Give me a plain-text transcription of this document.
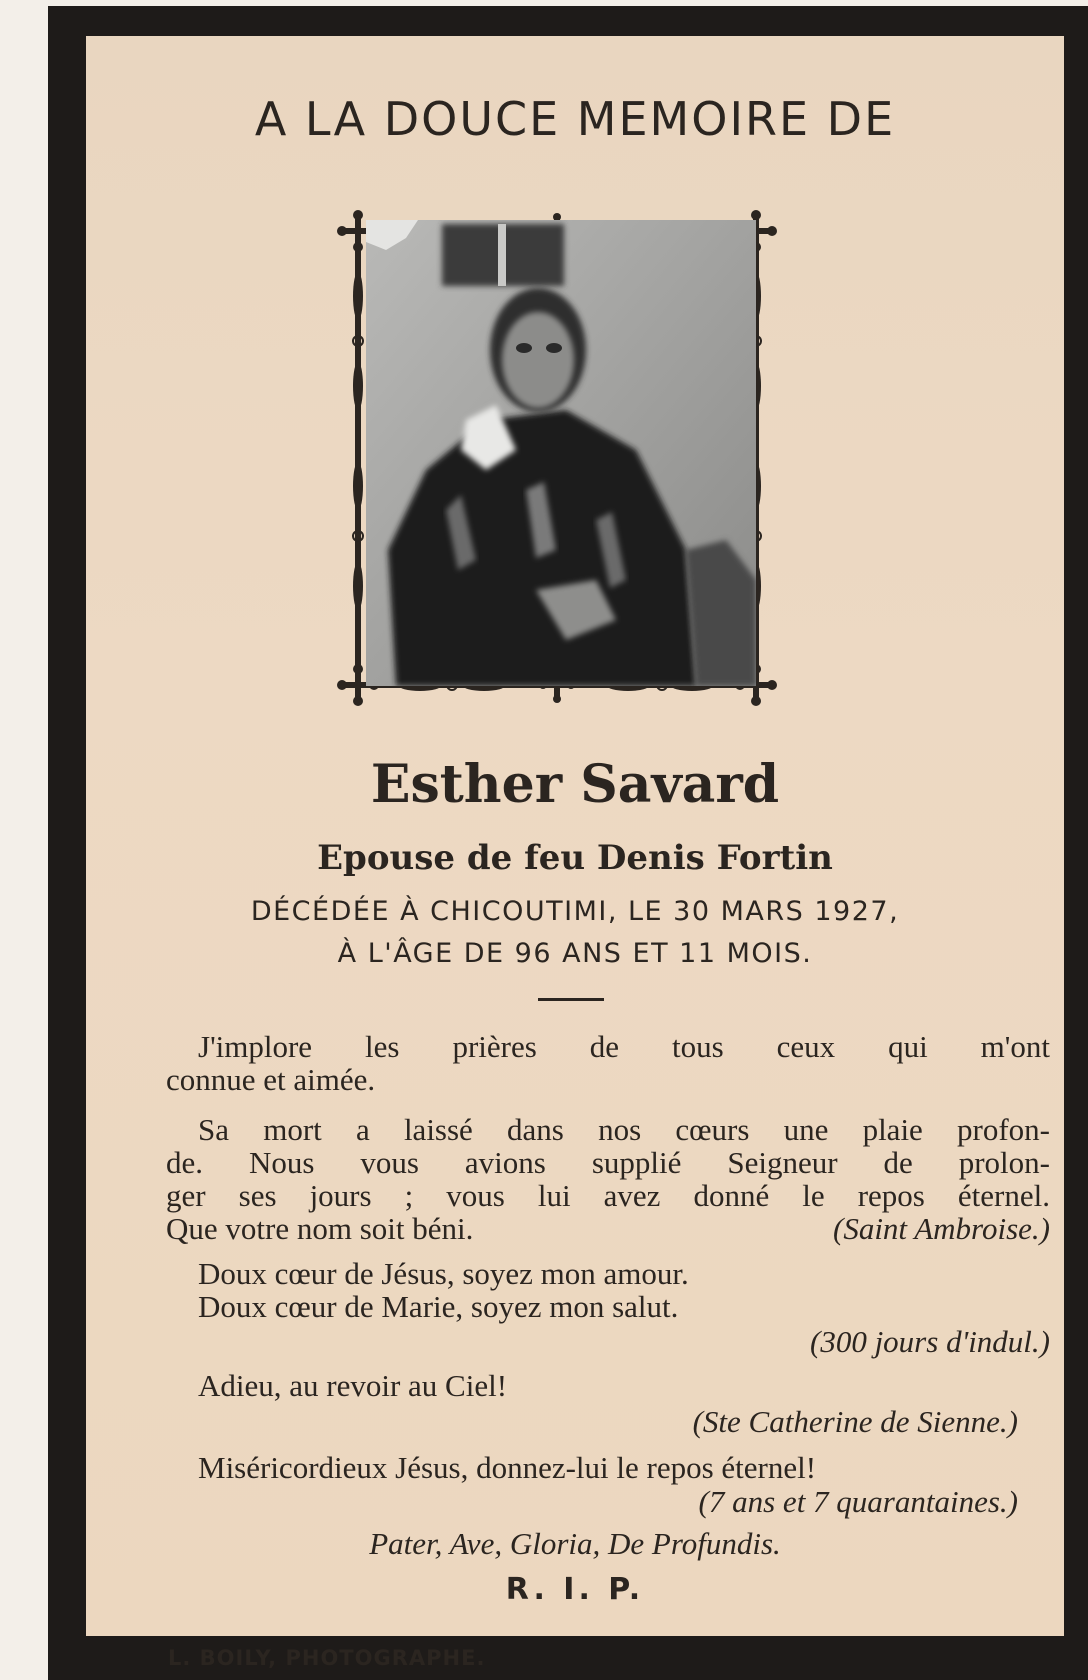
A LA DOUCE MEMOIRE DE
Esther Savard
Epouse de feu Denis Fortin
DÉCÉDÉE À CHICOUTIMI, LE 30 MARS 1927,
À L'ÂGE DE 96 ANS ET 11 MOIS.
J'implore les prières de tous ceux qui m'ont
connue et aimée.
Sa mort a laissé dans nos cœurs une plaie profon-
de. Nous vous avions supplié Seigneur de prolon-
ger ses jours ; vous lui avez donné le repos éternel.
Que votre nom soit béni.	(Saint Ambroise.)
Doux cœur de Jésus, soyez mon amour.
Doux cœur de Marie, soyez mon salut.
(300 jours d'indul.)
Adieu, au revoir au Ciel!
(Ste Catherine de Sienne.)
Miséricordieux Jésus, donnez-lui le repos éternel!
(7 ans et 7 quarantaines.)
Pater, Ave, Gloria, De Profundis.
R. I. P.
L. BOILY, PHOTOGRAPHE.
